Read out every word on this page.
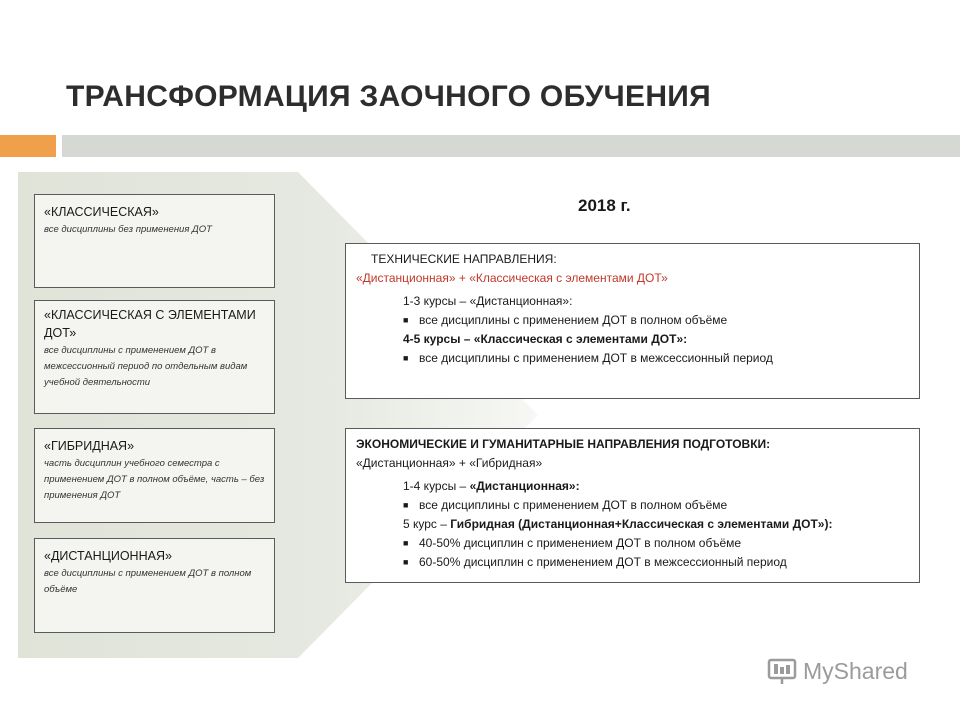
ТРАНСФОРМАЦИЯ ЗАОЧНОГО ОБУЧЕНИЯ
«КЛАССИЧЕСКАЯ»
все дисциплины без применения ДОТ
«КЛАССИЧЕСКАЯ С ЭЛЕМЕНТАМИ ДОТ»
все дисциплины с применением ДОТ в межсессионный период по отдельным видам учебной деятельности
«ГИБРИДНАЯ»
часть дисциплин учебного семестра с применением ДОТ в полном объёме, часть – без применения ДОТ
«ДИСТАНЦИОННАЯ»
все дисциплины с применением ДОТ в полном объёме
2018 г.
ТЕХНИЧЕСКИЕ НАПРАВЛЕНИЯ:
«Дистанционная» + «Классическая с элементами ДОТ»
1-3 курсы – «Дистанционная»:
■ все дисциплины с применением ДОТ в полном объёме
4-5 курсы – «Классическая с элементами ДОТ»:
■ все дисциплины с применением ДОТ в межсессионный период
ЭКОНОМИЧЕСКИЕ И ГУМАНИТАРНЫЕ НАПРАВЛЕНИЯ ПОДГОТОВКИ:
«Дистанционная» + «Гибридная»
1-4 курсы – «Дистанционная»:
■ все дисциплины с применением ДОТ в полном объёме
5 курс – Гибридная (Дистанционная+Классическая с элементами ДОТ»):
■ 40-50% дисциплин с применением ДОТ в полном объёме
■ 60-50% дисциплин с применением ДОТ в межсессионный период
MyShared
